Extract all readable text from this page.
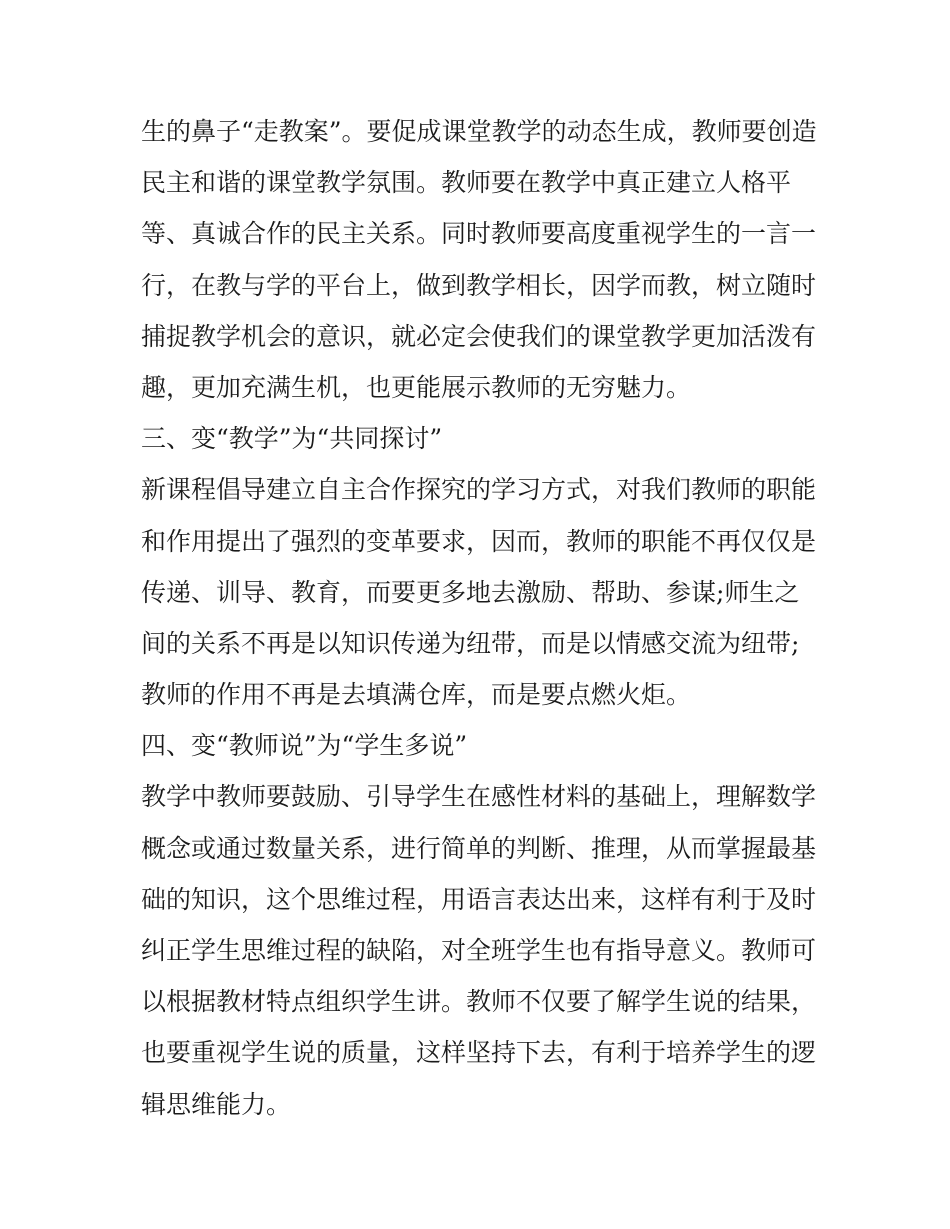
生的鼻子“走教案”。要促成课堂教学的动态生成，教师要创造
民主和谐的课堂教学氛围。教师要在教学中真正建立人格平
等、真诚合作的民主关系。同时教师要高度重视学生的一言一
行，在教与学的平台上，做到教学相长，因学而教，树立随时
捕捉教学机会的意识，就必定会使我们的课堂教学更加活泼有
趣，更加充满生机，也更能展示教师的无穷魅力。
三、变“教学”为“共同探讨”
新课程倡导建立自主合作探究的学习方式，对我们教师的职能
和作用提出了强烈的变革要求，因而，教师的职能不再仅仅是
传递、训导、教育，而要更多地去激励、帮助、参谋;师生之
间的关系不再是以知识传递为纽带，而是以情感交流为纽带;
教师的作用不再是去填满仓库，而是要点燃火炬。
四、变“教师说”为“学生多说”
教学中教师要鼓励、引导学生在感性材料的基础上，理解数学
概念或通过数量关系，进行简单的判断、推理，从而掌握最基
础的知识，这个思维过程，用语言表达出来，这样有利于及时
纠正学生思维过程的缺陷，对全班学生也有指导意义。教师可
以根据教材特点组织学生讲。教师不仅要了解学生说的结果，
也要重视学生说的质量，这样坚持下去，有利于培养学生的逻
辑思维能力。
